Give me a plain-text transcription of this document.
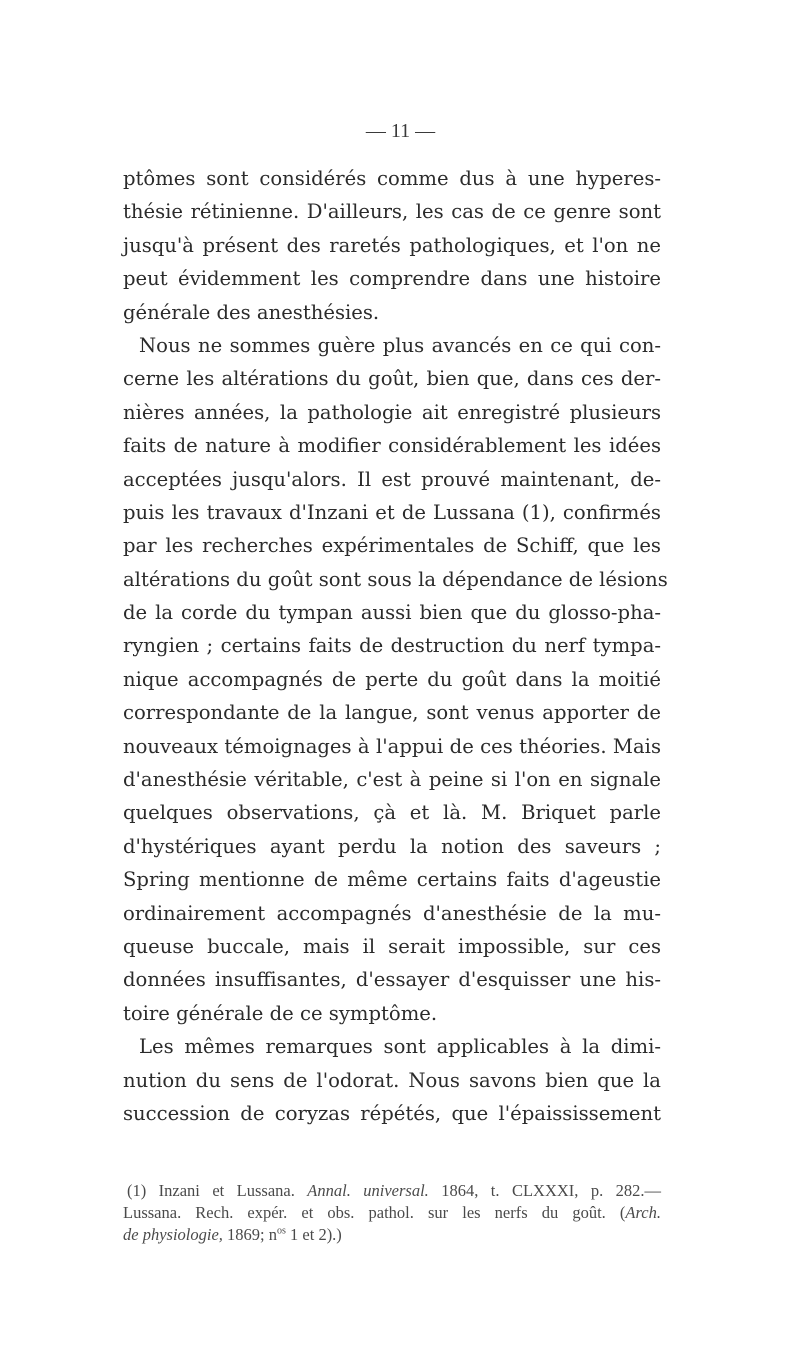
— 11 —
ptômes sont considérés comme dus à une hyperes-
thésie rétinienne. D'ailleurs, les cas de ce genre sont
jusqu'à présent des raretés pathologiques, et l'on ne
peut évidemment les comprendre dans une histoire
générale des anesthésies.
Nous ne sommes guère plus avancés en ce qui con-
cerne les altérations du goût, bien que, dans ces der-
nières années, la pathologie ait enregistré plusieurs
faits de nature à modifier considérablement les idées
acceptées jusqu'alors. Il est prouvé maintenant, de-
puis les travaux d'Inzani et de Lussana (1), confirmés
par les recherches expérimentales de Schiff, que les
altérations du goût sont sous la dépendance de lésions
de la corde du tympan aussi bien que du glosso-pha-
ryngien ; certains faits de destruction du nerf tympa-
nique accompagnés de perte du goût dans la moitié
correspondante de la langue, sont venus apporter de
nouveaux témoignages à l'appui de ces théories. Mais
d'anesthésie véritable, c'est à peine si l'on en signale
quelques observations, çà et là. M. Briquet parle
d'hystériques ayant perdu la notion des saveurs ;
Spring mentionne de même certains faits d'ageustie
ordinairement accompagnés d'anesthésie de la mu-
queuse buccale, mais il serait impossible, sur ces
données insuffisantes, d'essayer d'esquisser une his-
toire générale de ce symptôme.
Les mêmes remarques sont applicables à la dimi-
nution du sens de l'odorat. Nous savons bien que la
succession de coryzas répétés, que l'épaississement
(1) Inzani et Lussana. Annal. universal. 1864, t. CLXXXI, p. 282.—
Lussana. Rech. expér. et obs. pathol. sur les nerfs du goût. (Arch.
de physiologie, 1869; $n^{os}$ 1 et 2).)
